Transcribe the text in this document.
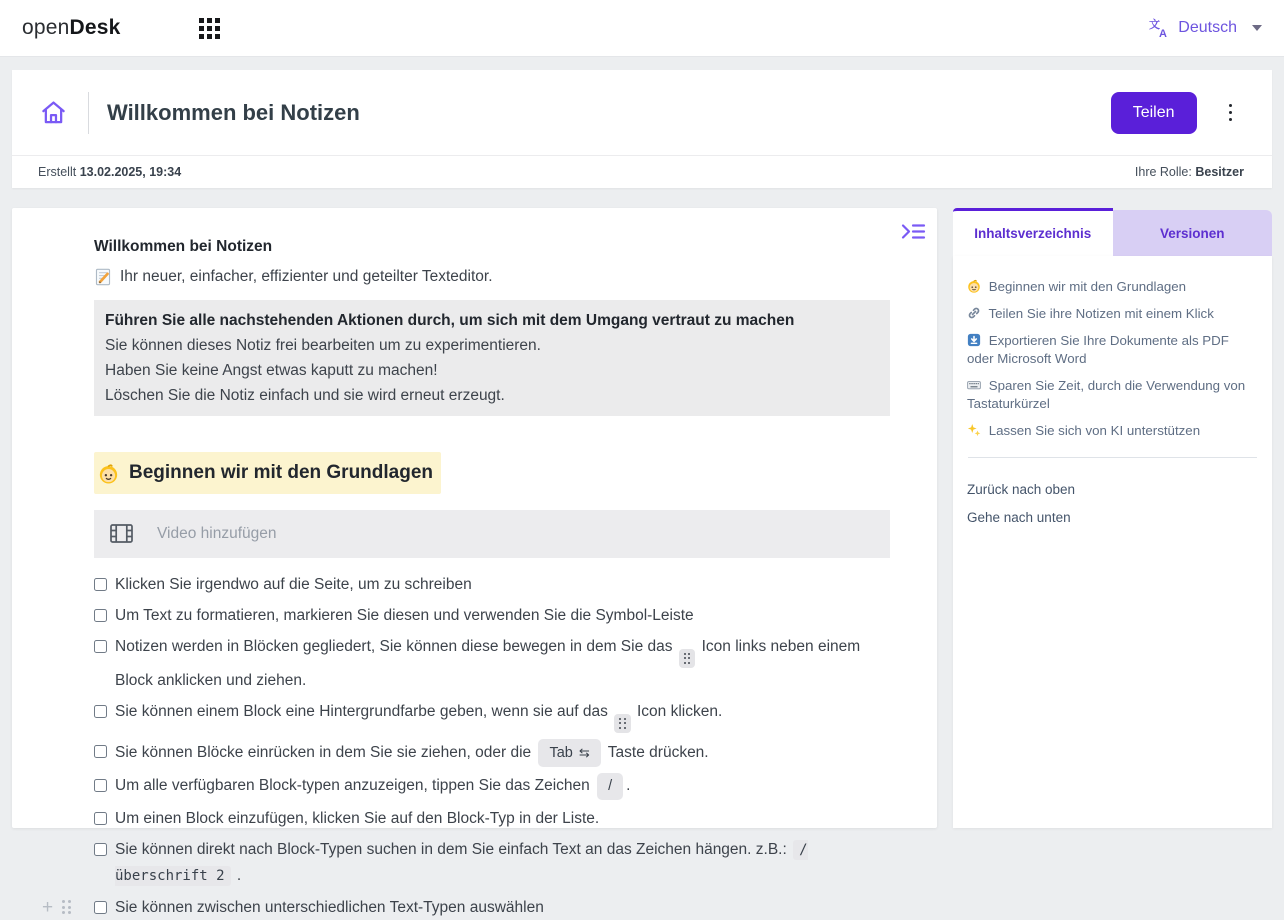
openDesk	文
A Deutsch
Willkommen bei Notizen	Teilen
Erstellt 13.02.2025, 19:34	Ihre Rolle: Besitzer

Willkommen bei Notizen

Ihr neuer, einfacher, effizienter und geteilter Texteditor.

Führen Sie alle nachstehenden Aktionen durch, um sich mit dem Umgang vertraut zu machen
Sie können dieses Notiz frei bearbeiten um zu experimentieren.
Haben Sie keine Angst etwas kaputt zu machen!
Löschen Sie die Notiz einfach und sie wird erneut erzeugt.
Beginnen wir mit den Grundlagen
Video hinzufügen
Klicken Sie irgendwo auf die Seite, um zu schreiben
Um Text zu formatieren, markieren Sie diesen und verwenden Sie die Symbol-Leiste
Notizen werden in Blöcken gegliedert, Sie können diese bewegen in dem Sie das
Icon links neben einem Block anklicken und ziehen.
Sie können einem Block eine Hintergrundfarbe geben, wenn sie auf das
Icon klicken.
Sie können Blöcke einrücken in dem Sie sie ziehen, oder die Tab ⇆ Taste drücken.
Um alle verfügbaren Block-typen anzuzeigen, tippen Sie das Zeichen / .
Um einen Block einzufügen, klicken Sie auf den Block-Typ in der Liste.
Sie können direkt nach Block-Typen suchen in dem Sie einfach Text an das Zeichen hängen. z.B.: /überschrift 2 .
+	Sie können zwischen unterschiedlichen Text-Typen auswählen
Inhaltsverzeichnis	Versionen
Beginnen wir mit den Grundlagen
Teilen Sie ihre Notizen mit einem Klick
Exportieren Sie Ihre Dokumente als PDF oder Microsoft Word
Sparen Sie Zeit, durch die Verwendung von Tastaturkürzel
Lassen Sie sich von KI unterstützen
Zurück nach oben
Gehe nach unten
